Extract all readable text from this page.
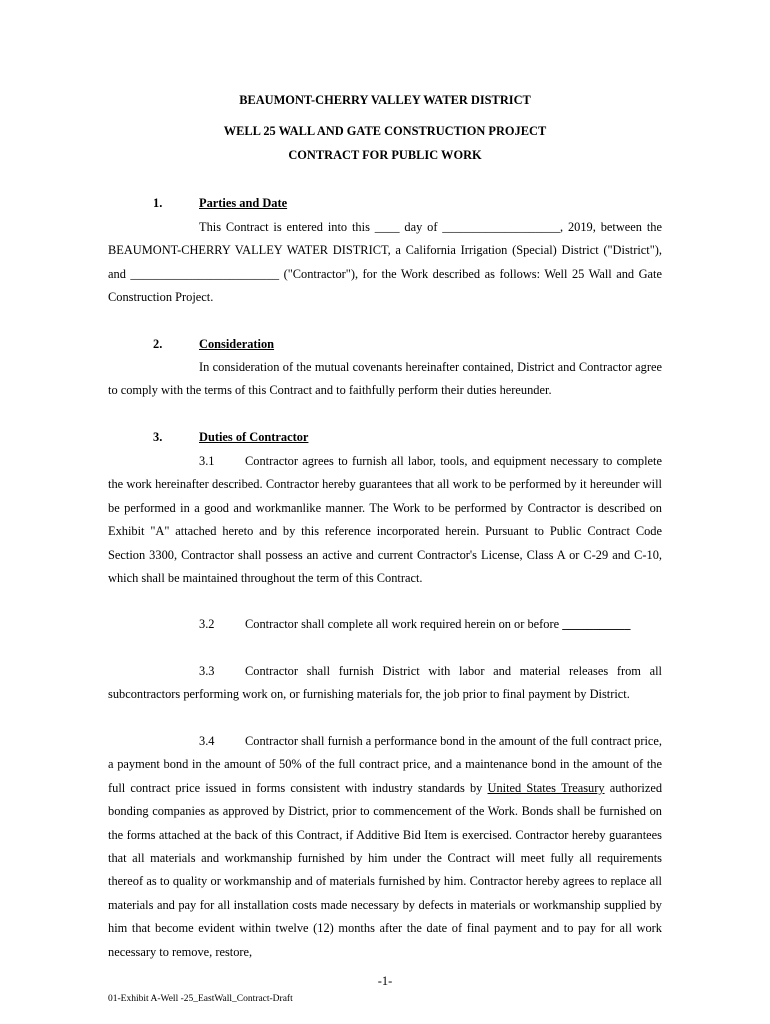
BEAUMONT-CHERRY VALLEY WATER DISTRICT
WELL 25 WALL AND GATE CONSTRUCTION PROJECT
CONTRACT FOR PUBLIC WORK
1.	Parties and Date
This Contract is entered into this ____ day of ___________________, 2019, between the BEAUMONT-CHERRY VALLEY WATER DISTRICT, a California Irrigation (Special) District ("District"), and ________________________ ("Contractor"), for the Work described as follows: Well 25 Wall and Gate Construction Project.
2.	Consideration
In consideration of the mutual covenants hereinafter contained, District and Contractor agree to comply with the terms of this Contract and to faithfully perform their duties hereunder.
3.	Duties of Contractor
3.1 Contractor agrees to furnish all labor, tools, and equipment necessary to complete the work hereinafter described. Contractor hereby guarantees that all work to be performed by it hereunder will be performed in a good and workmanlike manner. The Work to be performed by Contractor is described on Exhibit "A" attached hereto and by this reference incorporated herein. Pursuant to Public Contract Code Section 3300, Contractor shall possess an active and current Contractor's License, Class A or C-29 and C-10, which shall be maintained throughout the term of this Contract.
3.2 Contractor shall complete all work required herein on or before ___________
3.3 Contractor shall furnish District with labor and material releases from all subcontractors performing work on, or furnishing materials for, the job prior to final payment by District.
3.4 Contractor shall furnish a performance bond in the amount of the full contract price, a payment bond in the amount of 50% of the full contract price, and a maintenance bond in the amount of the full contract price issued in forms consistent with industry standards by United States Treasury authorized bonding companies as approved by District, prior to commencement of the Work. Bonds shall be furnished on the forms attached at the back of this Contract, if Additive Bid Item is exercised. Contractor hereby guarantees that all materials and workmanship furnished by him under the Contract will meet fully all requirements thereof as to quality or workmanship and of materials furnished by him. Contractor hereby agrees to replace all materials and pay for all installation costs made necessary by defects in materials or workmanship supplied by him that become evident within twelve (12) months after the date of final payment and to pay for all work necessary to remove, restore,
-1-
01-Exhibit A-Well -25_EastWall_Contract-Draft
